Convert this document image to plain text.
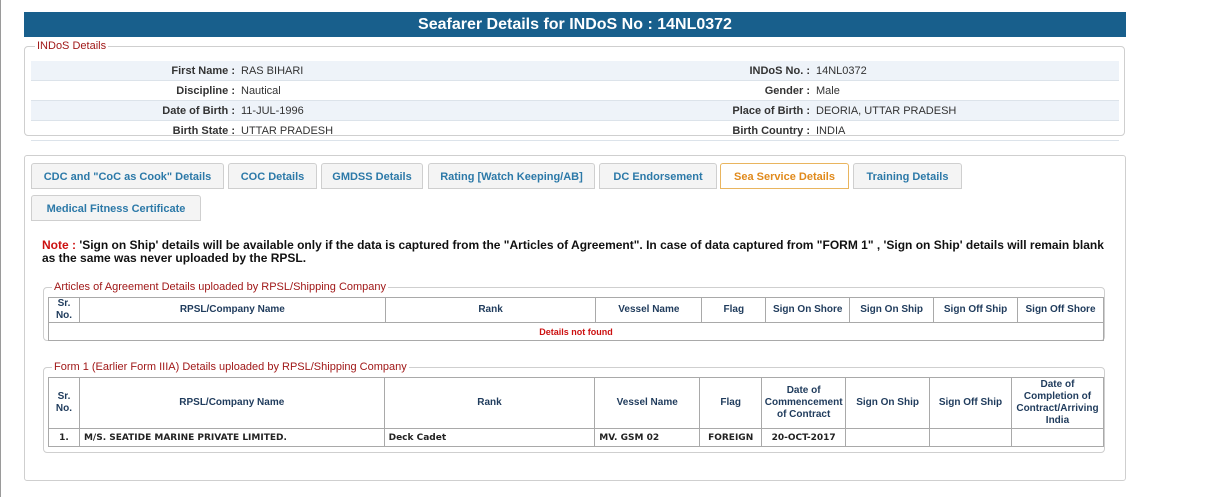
Seafarer Details for INDoS No : 14NL0372
INDoS Details
First Name :	RAS BIHARI	INDoS No. :	14NL0372
Discipline :	Nautical	Gender :	Male
Date of Birth :	11-JUL-1996	Place of Birth :	DEORIA, UTTAR PRADESH
Birth State :	UTTAR PRADESH	Birth Country :	INDIA
CDC and "CoC as Cook" Details	COC Details	GMDSS Details	Rating [Watch Keeping/AB]	DC Endorsement	Sea Service Details	Training Details
Medical Fitness Certificate
Note : 'Sign on Ship' details will be available only if the data is captured from the "Articles of Agreement". In case of data captured from "FORM 1" , 'Sign on Ship' details will remain blank as the same was never uploaded by the RPSL.
Articles of Agreement Details uploaded by RPSL/Shipping Company
Sr. No.	RPSL/Company Name	Rank	Vessel Name	Flag	Sign On Shore	Sign On Ship	Sign Off Ship	Sign Off Shore
Details not found
Form 1 (Earlier Form IIIA) Details uploaded by RPSL/Shipping Company
Sr. No.	RPSL/Company Name	Rank	Vessel Name	Flag	Date of Commencement of Contract	Sign On Ship	Sign Off Ship	Date of Completion of Contract/Arriving India
1.	M/S. SEATIDE MARINE PRIVATE LIMITED.	Deck Cadet	MV. GSM 02	FOREIGN	20-OCT-2017			
